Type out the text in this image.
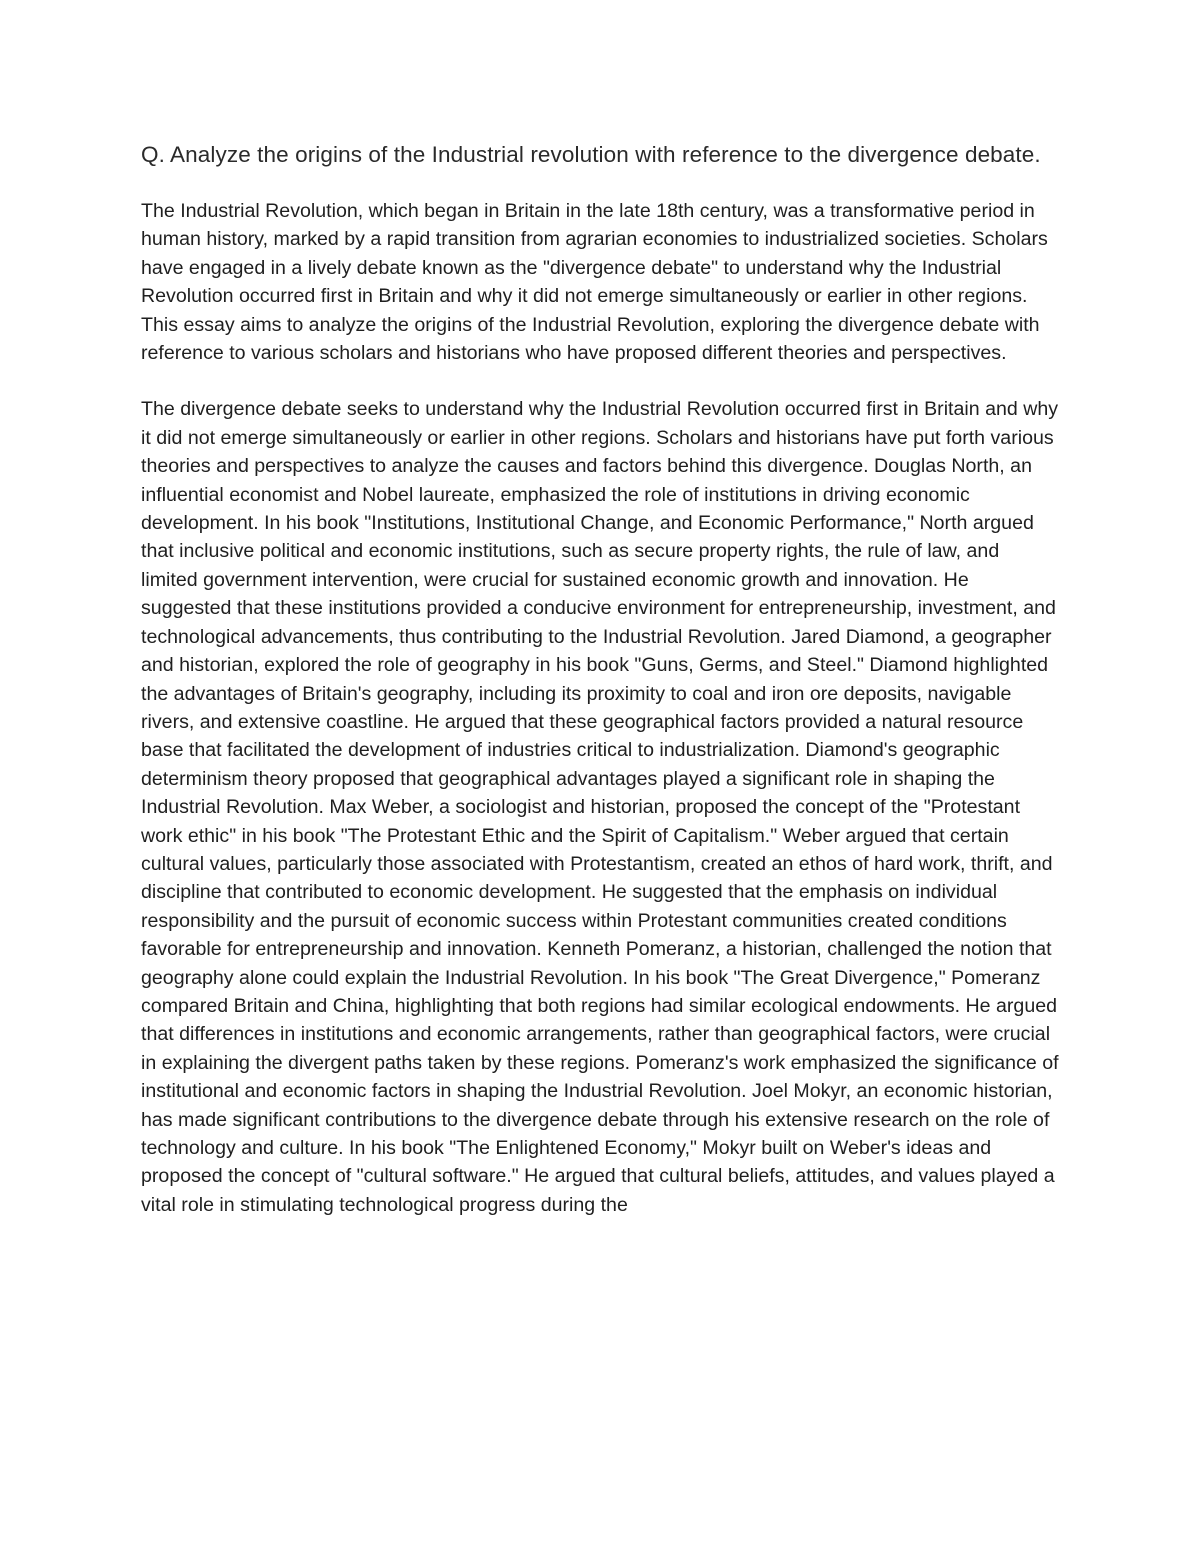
Q. Analyze the origins of the Industrial revolution with reference to the divergence debate.

The Industrial Revolution, which began in Britain in the late 18th century, was a transformative period in human history, marked by a rapid transition from agrarian economies to industrialized societies. Scholars have engaged in a lively debate known as the "divergence debate" to understand why the Industrial Revolution occurred first in Britain and why it did not emerge simultaneously or earlier in other regions. This essay aims to analyze the origins of the Industrial Revolution, exploring the divergence debate with reference to various scholars and historians who have proposed different theories and perspectives.

The divergence debate seeks to understand why the Industrial Revolution occurred first in Britain and why it did not emerge simultaneously or earlier in other regions. Scholars and historians have put forth various theories and perspectives to analyze the causes and factors behind this divergence. Douglas North, an influential economist and Nobel laureate, emphasized the role of institutions in driving economic development. In his book "Institutions, Institutional Change, and Economic Performance," North argued that inclusive political and economic institutions, such as secure property rights, the rule of law, and limited government intervention, were crucial for sustained economic growth and innovation. He suggested that these institutions provided a conducive environment for entrepreneurship, investment, and technological advancements, thus contributing to the Industrial Revolution. Jared Diamond, a geographer and historian, explored the role of geography in his book "Guns, Germs, and Steel." Diamond highlighted the advantages of Britain's geography, including its proximity to coal and iron ore deposits, navigable rivers, and extensive coastline. He argued that these geographical factors provided a natural resource base that facilitated the development of industries critical to industrialization. Diamond's geographic determinism theory proposed that geographical advantages played a significant role in shaping the Industrial Revolution. Max Weber, a sociologist and historian, proposed the concept of the "Protestant work ethic" in his book "The Protestant Ethic and the Spirit of Capitalism." Weber argued that certain cultural values, particularly those associated with Protestantism, created an ethos of hard work, thrift, and discipline that contributed to economic development. He suggested that the emphasis on individual responsibility and the pursuit of economic success within Protestant communities created conditions favorable for entrepreneurship and innovation. Kenneth Pomeranz, a historian, challenged the notion that geography alone could explain the Industrial Revolution. In his book "The Great Divergence," Pomeranz compared Britain and China, highlighting that both regions had similar ecological endowments. He argued that differences in institutions and economic arrangements, rather than geographical factors, were crucial in explaining the divergent paths taken by these regions. Pomeranz's work emphasized the significance of institutional and economic factors in shaping the Industrial Revolution. Joel Mokyr, an economic historian, has made significant contributions to the divergence debate through his extensive research on the role of technology and culture. In his book "The Enlightened Economy," Mokyr built on Weber's ideas and proposed the concept of "cultural software." He argued that cultural beliefs, attitudes, and values played a vital role in stimulating technological progress during the
